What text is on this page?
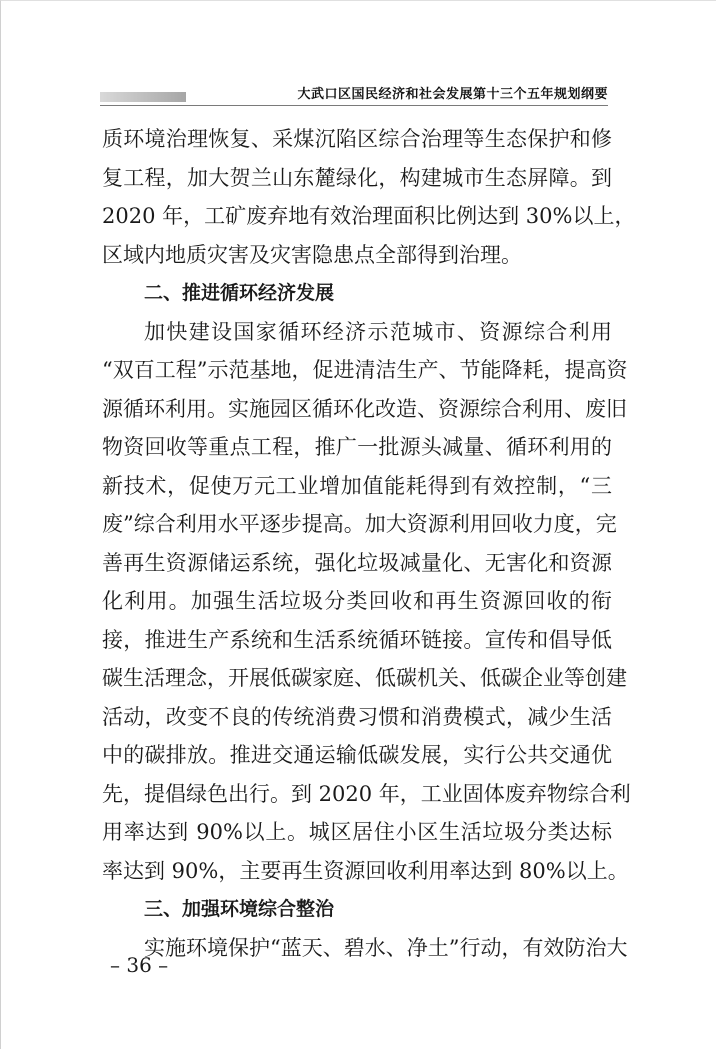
大武口区国民经济和社会发展第十三个五年规划纲要
质环境治理恢复、采煤沉陷区综合治理等生态保护和修
复工程，加大贺兰山东麓绿化，构建城市生态屏障。到
2020 年，工矿废弃地有效治理面积比例达到 30%以上，
区域内地质灾害及灾害隐患点全部得到治理。
二、推进循环经济发展
加快建设国家循环经济示范城市、资源综合利用
“双百工程”示范基地，促进清洁生产、节能降耗，提高资
源循环利用。实施园区循环化改造、资源综合利用、废旧
物资回收等重点工程，推广一批源头减量、循环利用的
新技术，促使万元工业增加值能耗得到有效控制，“三
废”综合利用水平逐步提高。加大资源利用回收力度，完
善再生资源储运系统，强化垃圾减量化、无害化和资源
化利用。加强生活垃圾分类回收和再生资源回收的衔
接，推进生产系统和生活系统循环链接。宣传和倡导低
碳生活理念，开展低碳家庭、低碳机关、低碳企业等创建
活动，改变不良的传统消费习惯和消费模式，减少生活
中的碳排放。推进交通运输低碳发展，实行公共交通优
先，提倡绿色出行。到 2020 年，工业固体废弃物综合利
用率达到 90%以上。城区居住小区生活垃圾分类达标
率达到 90%，主要再生资源回收利用率达到 80%以上。
三、加强环境综合整治
实施环境保护“蓝天、碧水、净土”行动，有效防治大
– 36 –
